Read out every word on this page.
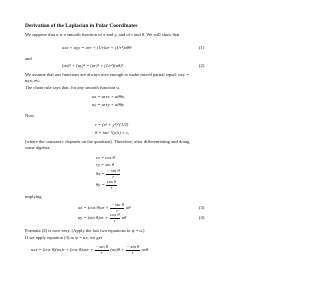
Derivation of the Laplacian in Polar Coordinates
We suppose that u is a smooth function of x and y, and of r and θ. We will show that
uxx + uyy = urr + (1/r)ur + (1/r²)uθθ	(1)
and
(ux)² + (uy)² = (ur)² + (1/r²)(uθ)².	(2)
We assume that our functions are always nice enough to make mixed partial equal: uxy =
uyx, etc.
The chain rule says that, for any smooth function u,
ux = urrx + uθθx,
uy = urry + uθθy.
Now,
r = (x² + y²)^(1/2)
θ = tan⁻¹(y/x) + c,
(where the constant c depends on the quadrant). Therefore, after differentiating and doing
some algebra,
rx = cos θ
ry = sin θ
$\theta x = \frac{\text{− sin θ}}{r}$
$\theta y = \frac{\text{cos θ}}{r}$
implying
ux = (cos $\theta)ur + \frac{\text{− sin θ}}{r}$ uθ	(3)
uy = (sin $\theta)ur + \frac{\text{cos θ}}{r}$ uθ	(4)
Formula (2) is now easy. (Apply the last two equations to ψ = u.)
If we apply equation (3) to ψ = ux, we get
uxx = (cos θ)(ux)r + (cos $\theta)uxr + \frac{\text{− sin θ}}{r} (ux)\theta + \frac{\text{− sin θ}}{r} ux\theta$.
